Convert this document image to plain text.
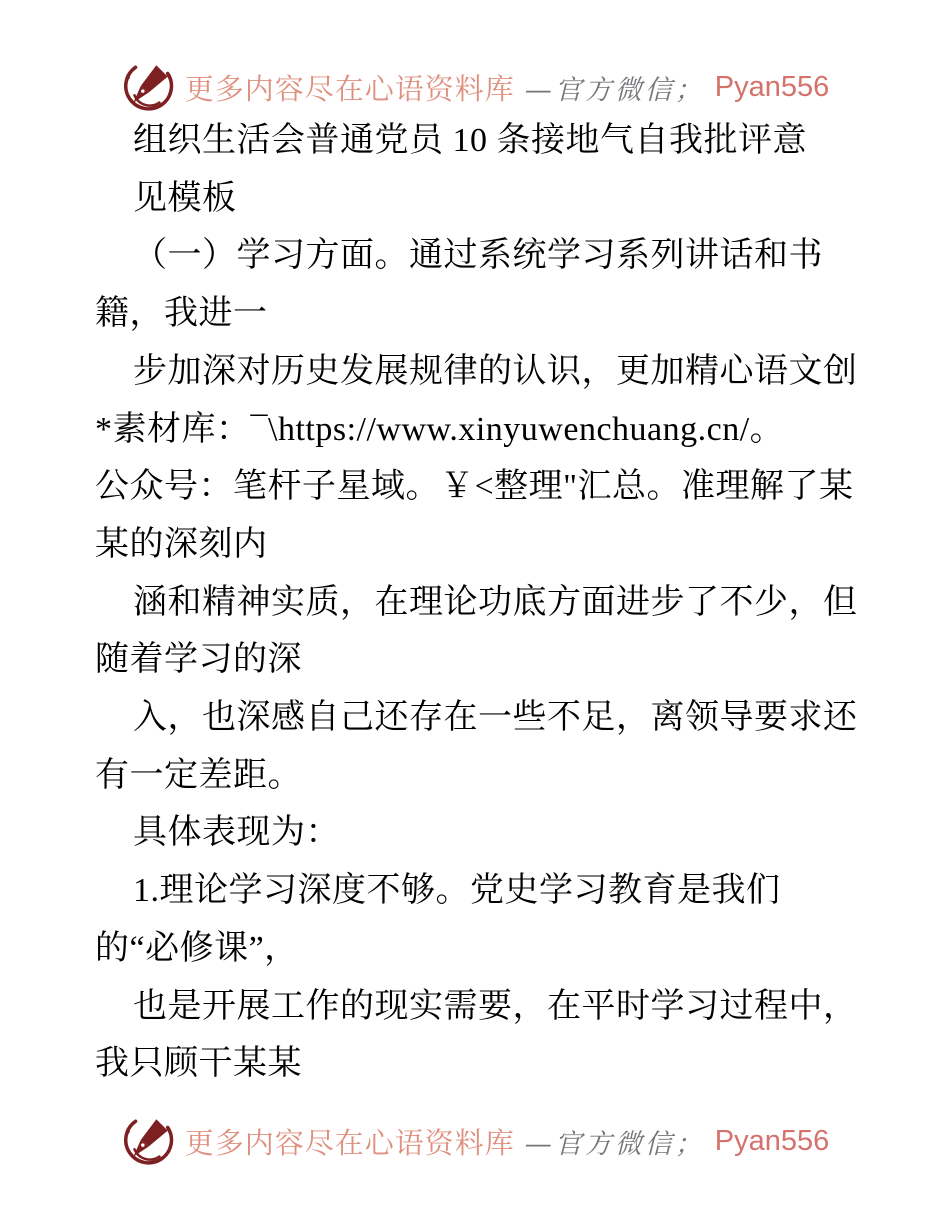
更多内容尽在心语资料库 —官方微信； Pyan556
组织生活会普通党员 10 条接地气自我批评意
见模板
（一）学习方面。通过系统学习系列讲话和书
籍，我进一
步加深对历史发展规律的认识，更加精心语文创
*素材库：¯\https://www.xinyuwenchuang.cn/。
公众号：笔杆子星域。￥<整理"汇总。准理解了某
某的深刻内
涵和精神实质，在理论功底方面进步了不少，但
随着学习的深
入，也深感自己还存在一些不足，离领导要求还
有一定差距。
具体表现为：
1.理论学习深度不够。党史学习教育是我们
的“必修课”，
也是开展工作的现实需要，在平时学习过程中，
我只顾干某某
更多内容尽在心语资料库 —官方微信； Pyan556
